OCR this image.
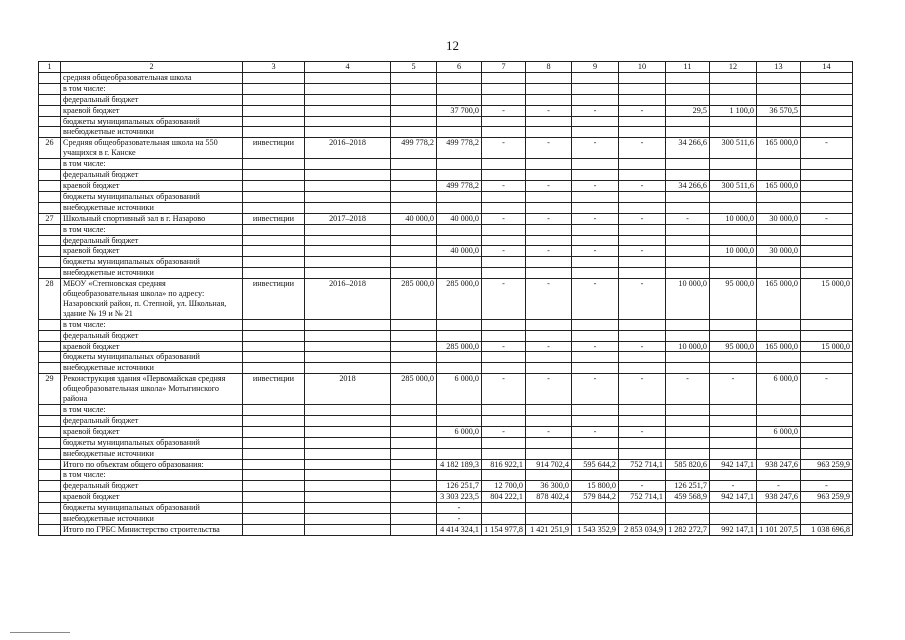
12
1	2	3	4	5	6	7	8	9	10	11	12	13	14
	средняя общеобразовательная школа												
	в том числе:												
	федеральный бюджет												
	краевой бюджет				37 700,0	-	-	-	-	29,5	1 100,0	36 570,5	
	бюджеты муниципальных образований												
	внебюджетные источники												
26	Средняя общеобразовательная школа на 550 учащихся в г. Канске	инвестиции	2016–2018	499 778,2	499 778,2	-	-	-	-	34 266,6	300 511,6	165 000,0	-
	в том числе:												
	федеральный бюджет												
	краевой бюджет				499 778,2	-	-	-	-	34 266,6	300 511,6	165 000,0	
	бюджеты муниципальных образований												
	внебюджетные источники												
27	Школьный спортивный зал в г. Назарово	инвестиции	2017–2018	40 000,0	40 000,0	-	-	-	-	-	10 000,0	30 000,0	-
	в том числе:												
	федеральный бюджет												
	краевой бюджет				40 000,0	-	-	-	-		10 000,0	30 000,0	
	бюджеты муниципальных образований												
	внебюджетные источники												
28	МБОУ «Степновская средняя общеобразовательная школа» по адресу: Назаровский район, п. Степной, ул. Школьная, здание № 19 и № 21	инвестиции	2016–2018	285 000,0	285 000,0	-	-	-	-	10 000,0	95 000,0	165 000,0	15 000,0
	в том числе:												
	федеральный бюджет												
	краевой бюджет				285 000,0	-	-	-	-	10 000,0	95 000,0	165 000,0	15 000,0
	бюджеты муниципальных образований												
	внебюджетные источники												
29	Реконструкция здания «Первомайская средняя общеобразовательная школа» Мотыгинского района	инвестиции	2018	285 000,0	6 000,0	-	-	-	-	-	-	6 000,0	-
	в том числе:												
	федеральный бюджет												
	краевой бюджет				6 000,0	-	-	-	-			6 000,0	
	бюджеты муниципальных образований												
	внебюджетные источники												
	Итого по объектам общего образования:				4 182 189,3	816 922,1	914 702,4	595 644,2	752 714,1	585 820,6	942 147,1	938 247,6	963 259,9
	в том числе:												
	федеральный бюджет				126 251,7	12 700,0	36 300,0	15 800,0	-	126 251,7	-	-	-
	краевой бюджет				3 303 223,5	804 222,1	878 402,4	579 844,2	752 714,1	459 568,9	942 147,1	938 247,6	963 259,9
	бюджеты муниципальных образований				-								
	внебюджетные источники				-								
	Итого по ГРБС Министерство строительства				4 414 324,1	1 154 977,8	1 421 251,9	1 543 352,9	2 853 034,9	1 282 272,7	992 147,1	1 101 207,5	1 038 696,8
